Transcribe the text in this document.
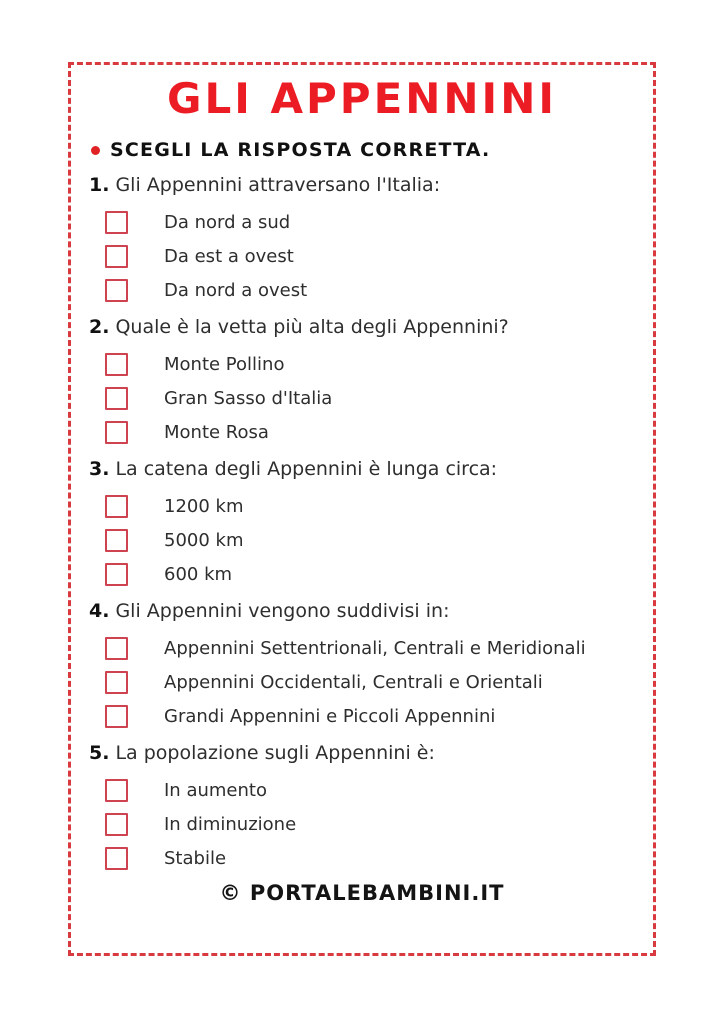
GLI APPENNINI
SCEGLI LA RISPOSTA CORRETTA.

1. Gli Appennini attraversano l'Italia:

Da nord a sud
Da est a ovest
Da nord a ovest

2. Quale è la vetta più alta degli Appennini?

Monte Pollino
Gran Sasso d'Italia
Monte Rosa

3. La catena degli Appennini è lunga circa:

1200 km
5000 km
600 km

4. Gli Appennini vengono suddivisi in:

Appennini Settentrionali, Centrali e Meridionali
Appennini Occidentali, Centrali e Orientali
Grandi Appennini e Piccoli Appennini

5. La popolazione sugli Appennini è:

In aumento
In diminuzione
Stabile
© PORTALEBAMBINI.IT
